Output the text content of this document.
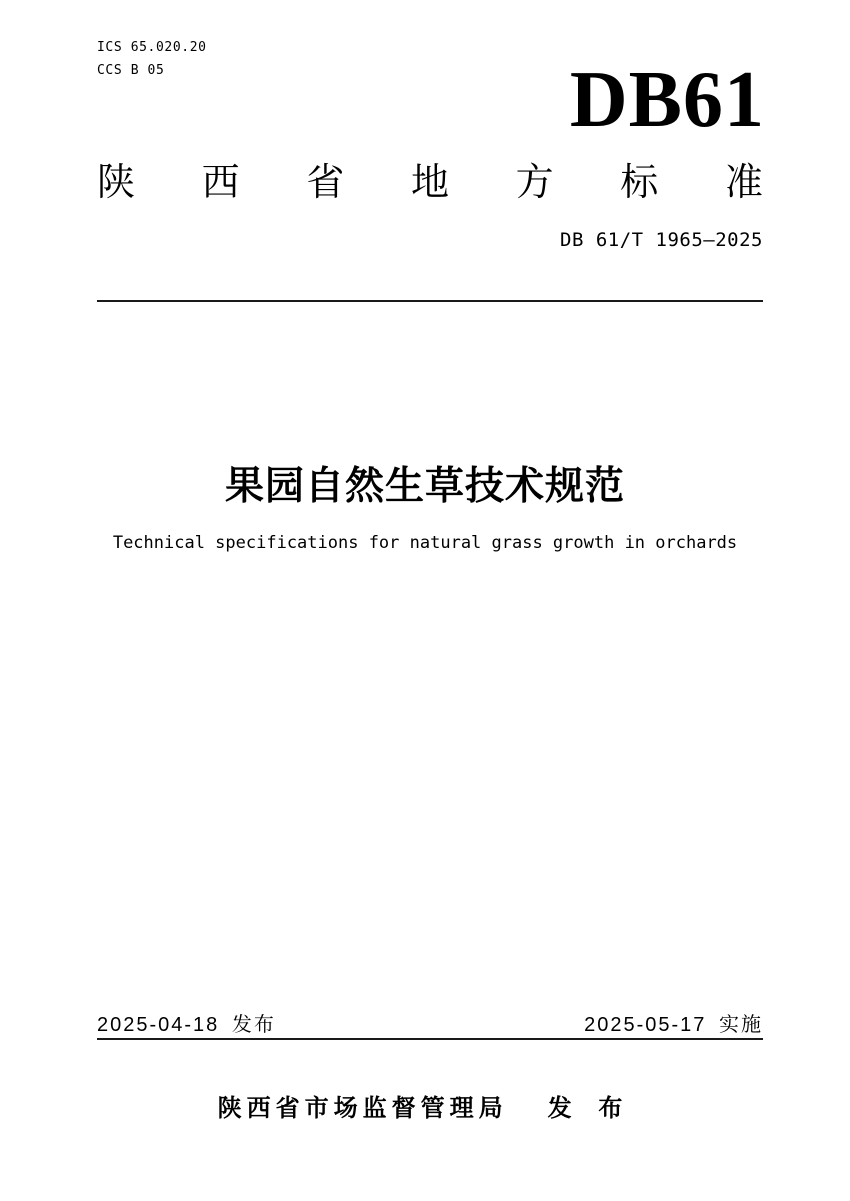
ICS 65.020.20
CCS B 05	DB61
陕 西 省 地 方 标 准
DB 61/T 1965—2025
果园自然生草技术规范
Technical specifications for natural grass growth in orchards
2025-04-18 发布	2025-05-17 实施
陕西省市场监督管理局 发 布
